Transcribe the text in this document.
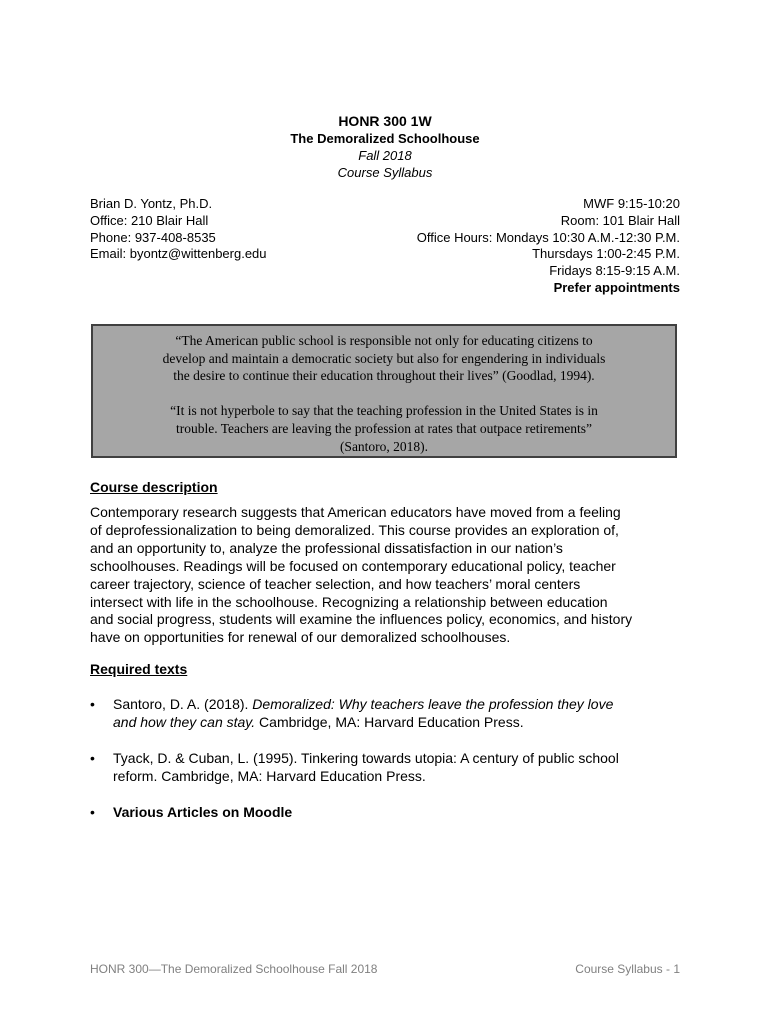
HONR 300 1W
The Demoralized Schoolhouse
Fall 2018
Course Syllabus
Brian D. Yontz, Ph.D.
Office: 210 Blair Hall
Phone: 937-408-8535
Email: byontz@wittenberg.edu
MWF 9:15-10:20
Room: 101 Blair Hall
Office Hours: Mondays 10:30 A.M.-12:30 P.M.
Thursdays 1:00-2:45 P.M.
Fridays 8:15-9:15 A.M.
Prefer appointments
“The American public school is responsible not only for educating citizens to
develop and maintain a democratic society but also for engendering in individuals
the desire to continue their education throughout their lives” (Goodlad, 1994).
“It is not hyperbole to say that the teaching profession in the United States is in
trouble. Teachers are leaving the profession at rates that outpace retirements”
(Santoro, 2018).
Course description
Contemporary research suggests that American educators have moved from a feeling
of deprofessionalization to being demoralized. This course provides an exploration of,
and an opportunity to, analyze the professional dissatisfaction in our nation’s
schoolhouses. Readings will be focused on contemporary educational policy, teacher
career trajectory, science of teacher selection, and how teachers’ moral centers
intersect with life in the schoolhouse. Recognizing a relationship between education
and social progress, students will examine the influences policy, economics, and history
have on opportunities for renewal of our demoralized schoolhouses.
Required texts
• Santoro, D. A. (2018). Demoralized: Why teachers leave the profession they love
and how they can stay. Cambridge, MA: Harvard Education Press.
• Tyack, D. & Cuban, L. (1995). Tinkering towards utopia: A century of public school
reform. Cambridge, MA: Harvard Education Press.
• Various Articles on Moodle
HONR 300—The Demoralized Schoolhouse Fall 2018	Course Syllabus - 1
